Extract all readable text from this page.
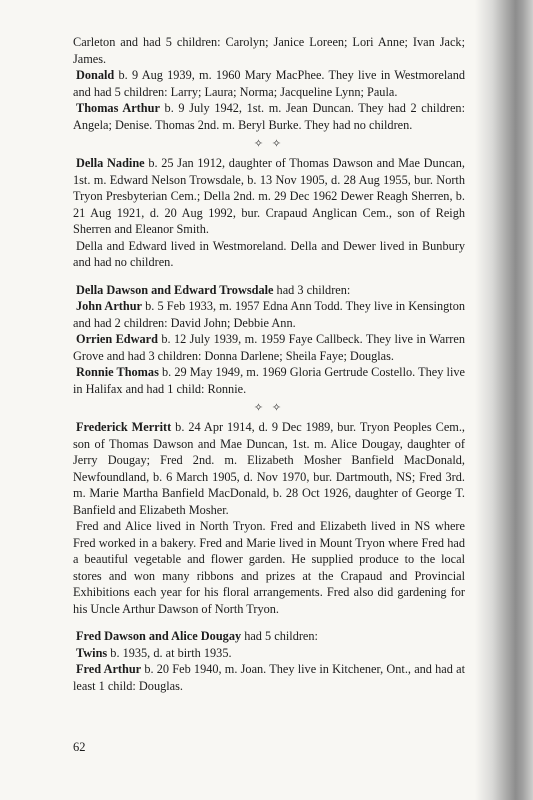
Carleton and had 5 children: Carolyn; Janice Loreen; Lori Anne; Ivan Jack; James.

Donald b. 9 Aug 1939, m. 1960 Mary MacPhee. They live in Westmoreland and had 5 children: Larry; Laura; Norma; Jacqueline Lynn; Paula.

Thomas Arthur b. 9 July 1942, 1st. m. Jean Duncan. They had 2 children: Angela; Denise. Thomas 2nd. m. Beryl Burke. They had no children.

✧ ✧

Della Nadine b. 25 Jan 1912, daughter of Thomas Dawson and Mae Duncan, 1st. m. Edward Nelson Trowsdale, b. 13 Nov 1905, d. 28 Aug 1955, bur. North Tryon Presbyterian Cem.; Della 2nd. m. 29 Dec 1962 Dewer Reagh Sherren, b. 21 Aug 1921, d. 20 Aug 1992, bur. Crapaud Anglican Cem., son of Reigh Sherren and Eleanor Smith.

Della and Edward lived in Westmoreland. Della and Dewer lived in Bunbury and had no children.

Della Dawson and Edward Trowsdale had 3 children:

John Arthur b. 5 Feb 1933, m. 1957 Edna Ann Todd. They live in Kensington and had 2 children: David John; Debbie Ann.

Orrien Edward b. 12 July 1939, m. 1959 Faye Callbeck. They live in Warren Grove and had 3 children: Donna Darlene; Sheila Faye; Douglas.

Ronnie Thomas b. 29 May 1949, m. 1969 Gloria Gertrude Costello. They live in Halifax and had 1 child: Ronnie.

✧ ✧

Frederick Merritt b. 24 Apr 1914, d. 9 Dec 1989, bur. Tryon Peoples Cem., son of Thomas Dawson and Mae Duncan, 1st. m. Alice Dougay, daughter of Jerry Dougay; Fred 2nd. m. Elizabeth Mosher Banfield MacDonald, Newfoundland, b. 6 March 1905, d. Nov 1970, bur. Dartmouth, NS; Fred 3rd. m. Marie Martha Banfield MacDonald, b. 28 Oct 1926, daughter of George T. Banfield and Elizabeth Mosher.

Fred and Alice lived in North Tryon. Fred and Elizabeth lived in NS where Fred worked in a bakery. Fred and Marie lived in Mount Tryon where Fred had a beautiful vegetable and flower garden. He supplied produce to the local stores and won many ribbons and prizes at the Crapaud and Provincial Exhibitions each year for his floral arrangements. Fred also did gardening for his Uncle Arthur Dawson of North Tryon.

Fred Dawson and Alice Dougay had 5 children:

Twins b. 1935, d. at birth 1935.

Fred Arthur b. 20 Feb 1940, m. Joan. They live in Kitchener, Ont., and had at least 1 child: Douglas.

62
